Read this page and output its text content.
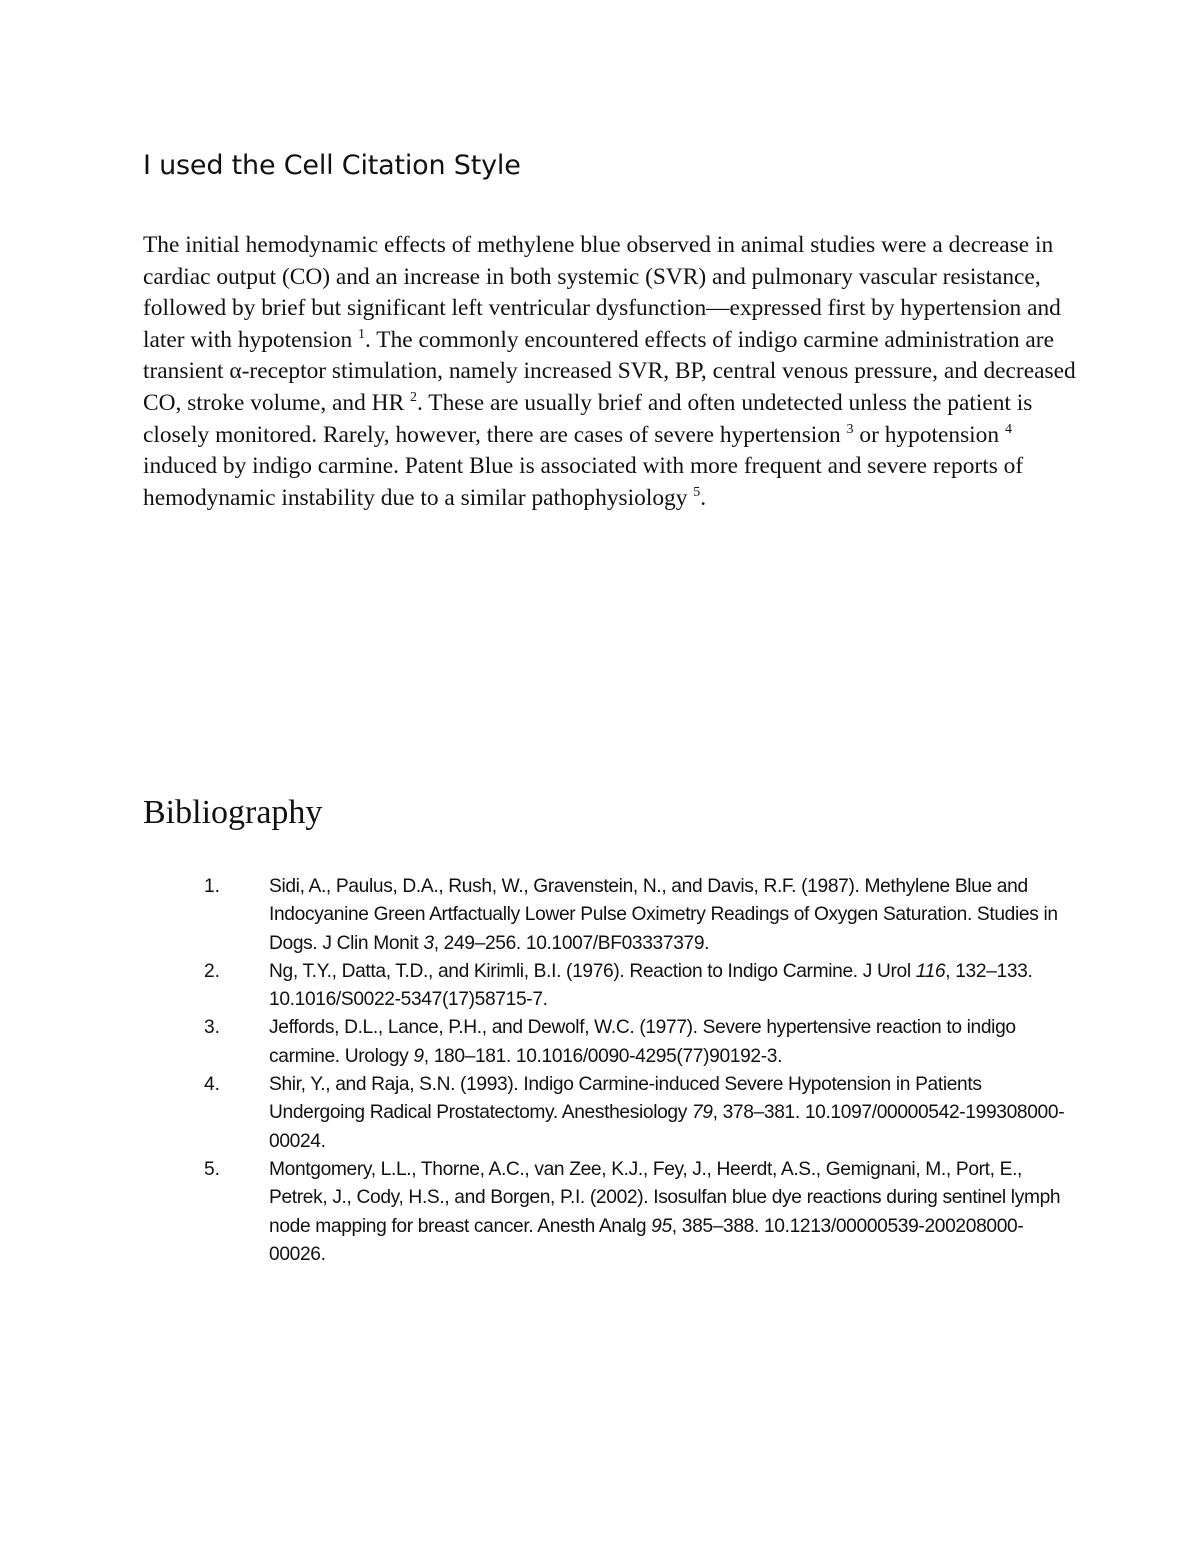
I used the Cell Citation Style

The initial hemodynamic effects of methylene blue observed in animal studies were a decrease in cardiac output (CO) and an increase in both systemic (SVR) and pulmonary vascular resistance, followed by brief but significant left ventricular dysfunction—expressed first by hypertension and later with hypotension $^1$. The commonly encountered effects of indigo carmine administration are transient α-receptor stimulation, namely increased SVR, BP, central venous pressure, and decreased CO, stroke volume, and HR $^2$. These are usually brief and often undetected unless the patient is closely monitored. Rarely, however, there are cases of severe hypertension $^3$ or hypotension $^4$ induced by indigo carmine. Patent Blue is associated with more frequent and severe reports of hemodynamic instability due to a similar pathophysiology $^5$.

Bibliography
1.	Sidi, A., Paulus, D.A., Rush, W., Gravenstein, N., and Davis, R.F. (1987). Methylene Blue and Indocyanine Green Artfactually Lower Pulse Oximetry Readings of Oxygen Saturation. Studies in Dogs. J Clin Monit 3, 249–256. 10.1007/BF03337379.
2.	Ng, T.Y., Datta, T.D., and Kirimli, B.I. (1976). Reaction to Indigo Carmine. J Urol 116, 132–133. 10.1016/S0022-5347(17)58715-7.
3.	Jeffords, D.L., Lance, P.H., and Dewolf, W.C. (1977). Severe hypertensive reaction to indigo carmine. Urology 9, 180–181. 10.1016/0090-4295(77)90192-3.
4.	Shir, Y., and Raja, S.N. (1993). Indigo Carmine-induced Severe Hypotension in Patients Undergoing Radical Prostatectomy. Anesthesiology 79, 378–381. 10.1097/00000542-199308000-00024.
5.	Montgomery, L.L., Thorne, A.C., van Zee, K.J., Fey, J., Heerdt, A.S., Gemignani, M., Port, E., Petrek, J., Cody, H.S., and Borgen, P.I. (2002). Isosulfan blue dye reactions during sentinel lymph node mapping for breast cancer. Anesth Analg 95, 385–388. 10.1213/00000539-200208000-00026.
